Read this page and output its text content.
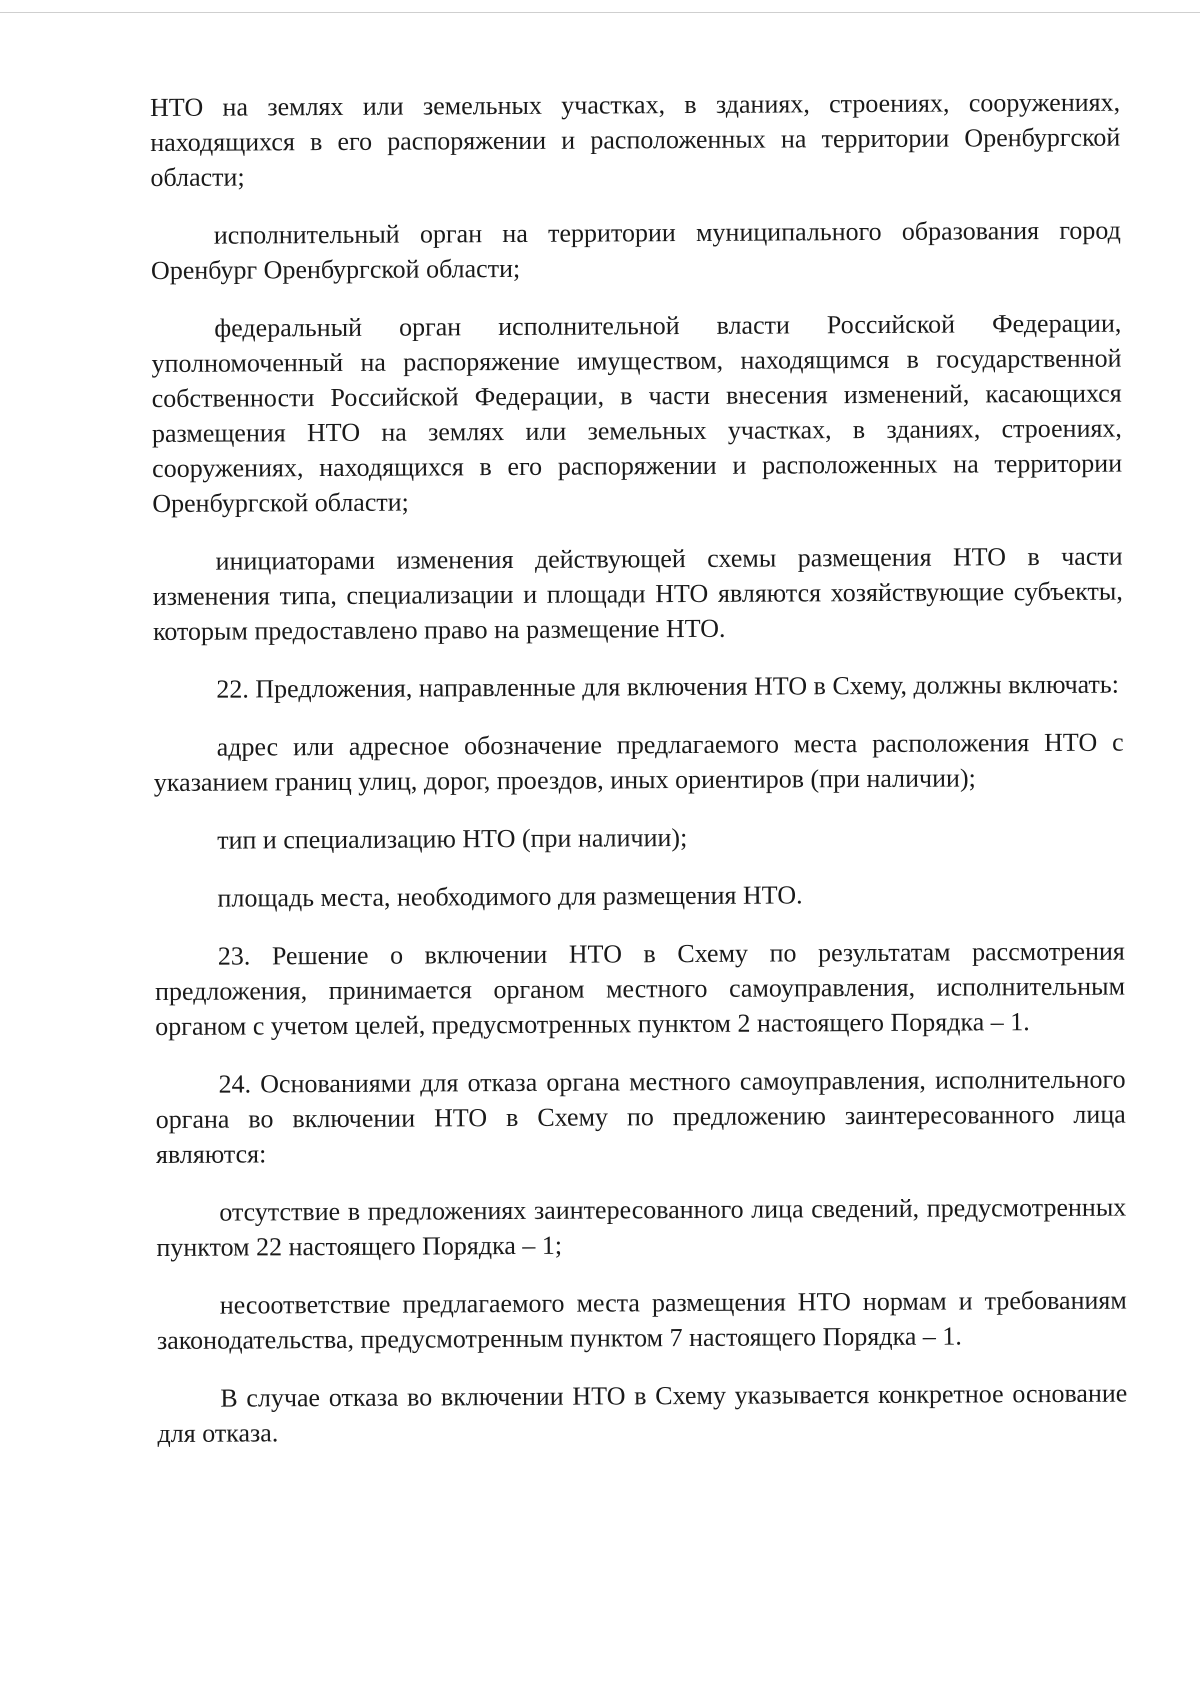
НТО на землях или земельных участках, в зданиях, строениях, сооружениях, находящихся в его распоряжении и расположенных на территории Оренбургской области;

исполнительный орган на территории муниципального образования город Оренбург Оренбургской области;

федеральный орган исполнительной власти Российской Федерации, уполномоченный на распоряжение имуществом, находящимся в государственной собственности Российской Федерации, в части внесения изменений, касающихся размещения НТО на землях или земельных участках, в зданиях, строениях, сооружениях, находящихся в его распоряжении и расположенных на территории Оренбургской области;

инициаторами изменения действующей схемы размещения НТО в части изменения типа, специализации и площади НТО являются хозяйствующие субъекты, которым предоставлено право на размещение НТО.

22. Предложения, направленные для включения НТО в Схему, должны включать:

адрес или адресное обозначение предлагаемого места расположения НТО с указанием границ улиц, дорог, проездов, иных ориентиров (при наличии);

тип и специализацию НТО (при наличии);

площадь места, необходимого для размещения НТО.

23. Решение о включении НТО в Схему по результатам рассмотрения предложения, принимается органом местного самоуправления, исполнительным органом с учетом целей, предусмотренных пунктом 2 настоящего Порядка – 1.

24. Основаниями для отказа органа местного самоуправления, исполнительного органа во включении НТО в Схему по предложению заинтересованного лица являются:

отсутствие в предложениях заинтересованного лица сведений, предусмотренных пунктом 22 настоящего Порядка – 1;

несоответствие предлагаемого места размещения НТО нормам и требованиям законодательства, предусмотренным пунктом 7 настоящего Порядка – 1.

В случае отказа во включении НТО в Схему указывается конкретное основание для отказа.
